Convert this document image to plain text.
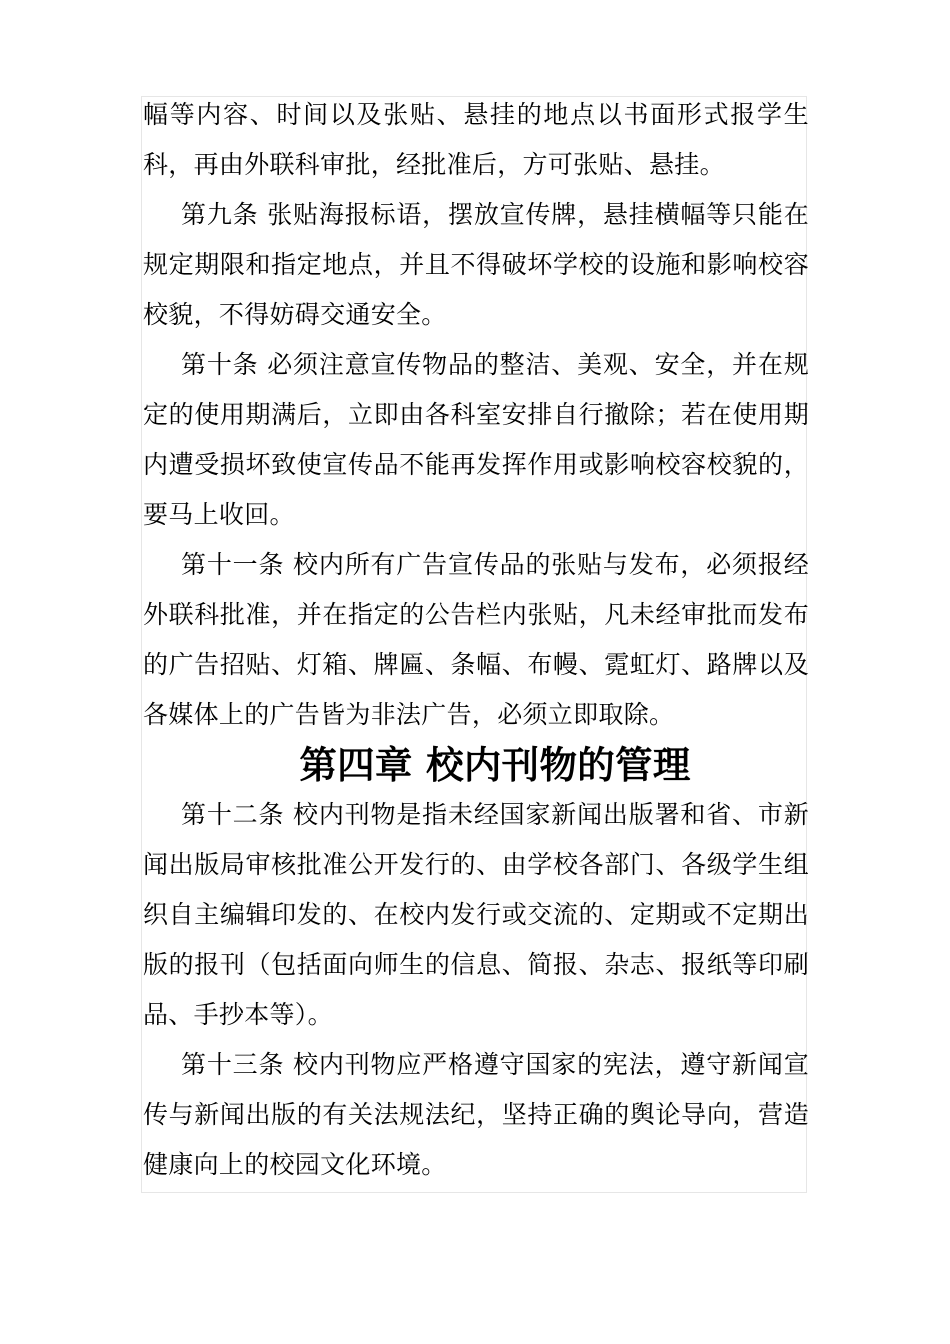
幅等内容、时间以及张贴、悬挂的地点以书面形式报学生科，再由外联科审批，经批准后，方可张贴、悬挂。

第九条 张贴海报标语，摆放宣传牌，悬挂横幅等只能在规定期限和指定地点，并且不得破坏学校的设施和影响校容校貌，不得妨碍交通安全。

第十条 必须注意宣传物品的整洁、美观、安全，并在规定的使用期满后，立即由各科室安排自行撤除；若在使用期内遭受损坏致使宣传品不能再发挥作用或影响校容校貌的，要马上收回。

第十一条 校内所有广告宣传品的张贴与发布，必须报经外联科批准，并在指定的公告栏内张贴，凡未经审批而发布的广告招贴、灯箱、牌匾、条幅、布幔、霓虹灯、路牌以及各媒体上的广告皆为非法广告，必须立即取除。

第四章 校内刊物的管理

第十二条 校内刊物是指未经国家新闻出版署和省、市新闻出版局审核批准公开发行的、由学校各部门、各级学生组织自主编辑印发的、在校内发行或交流的、定期或不定期出版的报刊（包括面向师生的信息、简报、杂志、报纸等印刷品、手抄本等）。

第十三条 校内刊物应严格遵守国家的宪法，遵守新闻宣传与新闻出版的有关法规法纪，坚持正确的舆论导向，营造健康向上的校园文化环境。
